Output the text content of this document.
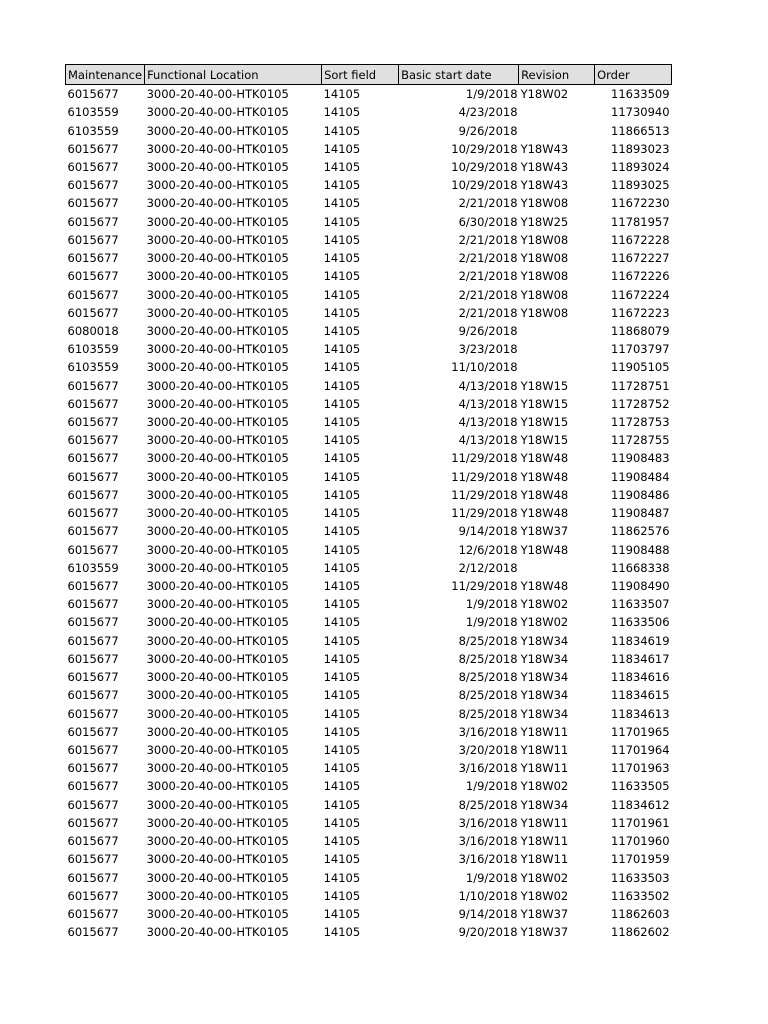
Maintenance	Functional Location	Sort field	Basic start date	Revision	Order
6015677	3000-20-40-00-HTK0105	14105	1/9/2018	Y18W02	11633509
6103559	3000-20-40-00-HTK0105	14105	4/23/2018		11730940
6103559	3000-20-40-00-HTK0105	14105	9/26/2018		11866513
6015677	3000-20-40-00-HTK0105	14105	10/29/2018	Y18W43	11893023
6015677	3000-20-40-00-HTK0105	14105	10/29/2018	Y18W43	11893024
6015677	3000-20-40-00-HTK0105	14105	10/29/2018	Y18W43	11893025
6015677	3000-20-40-00-HTK0105	14105	2/21/2018	Y18W08	11672230
6015677	3000-20-40-00-HTK0105	14105	6/30/2018	Y18W25	11781957
6015677	3000-20-40-00-HTK0105	14105	2/21/2018	Y18W08	11672228
6015677	3000-20-40-00-HTK0105	14105	2/21/2018	Y18W08	11672227
6015677	3000-20-40-00-HTK0105	14105	2/21/2018	Y18W08	11672226
6015677	3000-20-40-00-HTK0105	14105	2/21/2018	Y18W08	11672224
6015677	3000-20-40-00-HTK0105	14105	2/21/2018	Y18W08	11672223
6080018	3000-20-40-00-HTK0105	14105	9/26/2018		11868079
6103559	3000-20-40-00-HTK0105	14105	3/23/2018		11703797
6103559	3000-20-40-00-HTK0105	14105	11/10/2018		11905105
6015677	3000-20-40-00-HTK0105	14105	4/13/2018	Y18W15	11728751
6015677	3000-20-40-00-HTK0105	14105	4/13/2018	Y18W15	11728752
6015677	3000-20-40-00-HTK0105	14105	4/13/2018	Y18W15	11728753
6015677	3000-20-40-00-HTK0105	14105	4/13/2018	Y18W15	11728755
6015677	3000-20-40-00-HTK0105	14105	11/29/2018	Y18W48	11908483
6015677	3000-20-40-00-HTK0105	14105	11/29/2018	Y18W48	11908484
6015677	3000-20-40-00-HTK0105	14105	11/29/2018	Y18W48	11908486
6015677	3000-20-40-00-HTK0105	14105	11/29/2018	Y18W48	11908487
6015677	3000-20-40-00-HTK0105	14105	9/14/2018	Y18W37	11862576
6015677	3000-20-40-00-HTK0105	14105	12/6/2018	Y18W48	11908488
6103559	3000-20-40-00-HTK0105	14105	2/12/2018		11668338
6015677	3000-20-40-00-HTK0105	14105	11/29/2018	Y18W48	11908490
6015677	3000-20-40-00-HTK0105	14105	1/9/2018	Y18W02	11633507
6015677	3000-20-40-00-HTK0105	14105	1/9/2018	Y18W02	11633506
6015677	3000-20-40-00-HTK0105	14105	8/25/2018	Y18W34	11834619
6015677	3000-20-40-00-HTK0105	14105	8/25/2018	Y18W34	11834617
6015677	3000-20-40-00-HTK0105	14105	8/25/2018	Y18W34	11834616
6015677	3000-20-40-00-HTK0105	14105	8/25/2018	Y18W34	11834615
6015677	3000-20-40-00-HTK0105	14105	8/25/2018	Y18W34	11834613
6015677	3000-20-40-00-HTK0105	14105	3/16/2018	Y18W11	11701965
6015677	3000-20-40-00-HTK0105	14105	3/20/2018	Y18W11	11701964
6015677	3000-20-40-00-HTK0105	14105	3/16/2018	Y18W11	11701963
6015677	3000-20-40-00-HTK0105	14105	1/9/2018	Y18W02	11633505
6015677	3000-20-40-00-HTK0105	14105	8/25/2018	Y18W34	11834612
6015677	3000-20-40-00-HTK0105	14105	3/16/2018	Y18W11	11701961
6015677	3000-20-40-00-HTK0105	14105	3/16/2018	Y18W11	11701960
6015677	3000-20-40-00-HTK0105	14105	3/16/2018	Y18W11	11701959
6015677	3000-20-40-00-HTK0105	14105	1/9/2018	Y18W02	11633503
6015677	3000-20-40-00-HTK0105	14105	1/10/2018	Y18W02	11633502
6015677	3000-20-40-00-HTK0105	14105	9/14/2018	Y18W37	11862603
6015677	3000-20-40-00-HTK0105	14105	9/20/2018	Y18W37	11862602
